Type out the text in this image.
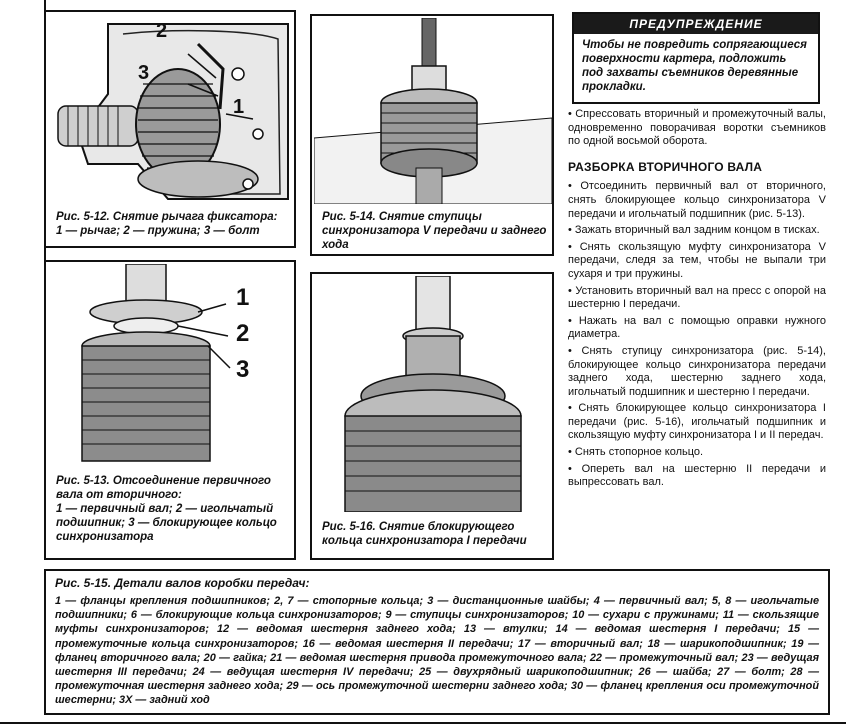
2
3
1
Рис. 5-12. Снятие рычага фиксатора:
1 — рычаг; 2 — пружина; 3 — болт
Рис. 5-14. Снятие ступицы синхронизатора V передачи и заднего хода
1
2
3
Рис. 5-13. Отсоединение первичного вала от вторичного:
1 — первичный вал; 2 — игольчатый подшипник; 3 — блокирующее кольцо синхронизатора
Рис. 5-16. Снятие блокирующего кольца синхронизатора I передачи
ПРЕДУПРЕЖДЕНИЕ
Чтобы не повредить сопрягающиеся поверхности картера, подложить под захваты съемников деревянные прокладки.

• Спрессовать вторичный и промежуточный валы, одновременно поворачивая воротки съемников по одной восьмой оборота.

РАЗБОРКА ВТОРИЧНОГО ВАЛА

• Отсоединить первичный вал от вторичного, снять блокирующее кольцо синхронизатора V передачи и игольчатый подшипник (рис. 5-13).

• Зажать вторичный вал задним концом в тисках.

• Снять скользящую муфту синхронизатора V передачи, следя за тем, чтобы не выпали три сухаря и три пружины.

• Установить вторичный вал на пресс с опорой на шестерню I передачи.

• Нажать на вал с помощью оправки нужного диаметра.

• Снять ступицу синхронизатора (рис. 5-14), блокирующее кольцо синхронизатора передачи заднего хода, шестерню заднего хода, игольчатый подшипник и шестерню I передачи.

• Снять блокирующее кольцо синхронизатора I передачи (рис. 5-16), игольчатый подшипник и скользящую муфту синхронизатора I и II передач.

• Снять стопорное кольцо.

• Опереть вал на шестерню II передачи и выпрессовать вал.

Рис. 5-15. Детали валов коробки передач:
1 — фланцы крепления подшипников; 2, 7 — стопорные кольца; 3 — дистанционные шайбы; 4 — первичный вал; 5, 8 — игольчатые подшипники; 6 — блокирующие кольца синхронизаторов; 9 — ступицы синхронизаторов; 10 — сухари с пружинами; 11 — скользящие муфты синхронизаторов; 12 — ведомая шестерня заднего хода; 13 — втулки; 14 — ведомая шестерня I передачи; 15 — промежуточные кольца синхронизаторов; 16 — ведомая шестерня II передачи; 17 — вторичный вал; 18 — шарикоподшипник; 19 — фланец вторичного вала; 20 — гайка; 21 — ведомая шестерня привода промежуточного вала; 22 — промежуточный вал; 23 — ведущая шестерня III передачи; 24 — ведущая шестерня IV передачи; 25 — двухрядный шарикоподшипник; 26 — шайба; 27 — болт; 28 — промежуточная шестерня заднего хода; 29 — ось промежуточной шестерни заднего хода; 30 — фланец крепления оси промежуточной шестерни; 3Х — задний ход
